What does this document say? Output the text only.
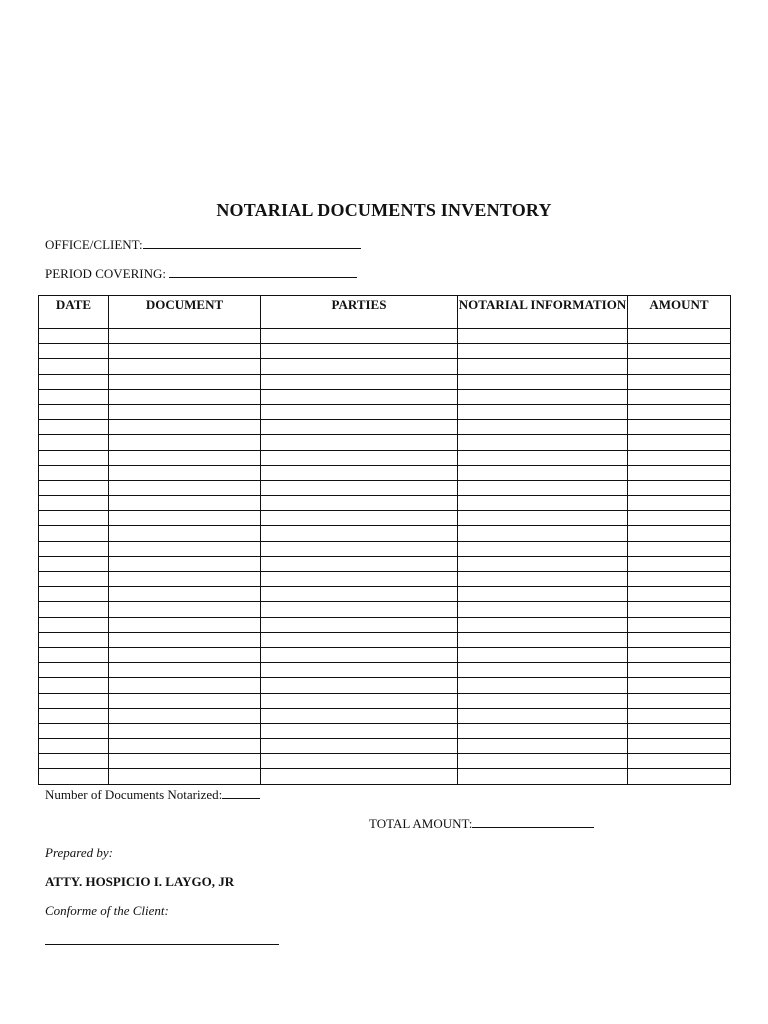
NOTARIAL DOCUMENTS INVENTORY
OFFICE/CLIENT:
PERIOD COVERING:
DATE	DOCUMENT	PARTIES	NOTARIAL INFORMATION	AMOUNT

Number of Documents Notarized:
TOTAL AMOUNT:
Prepared by:
ATTY. HOSPICIO I. LAYGO, JR
Conforme of the Client:
